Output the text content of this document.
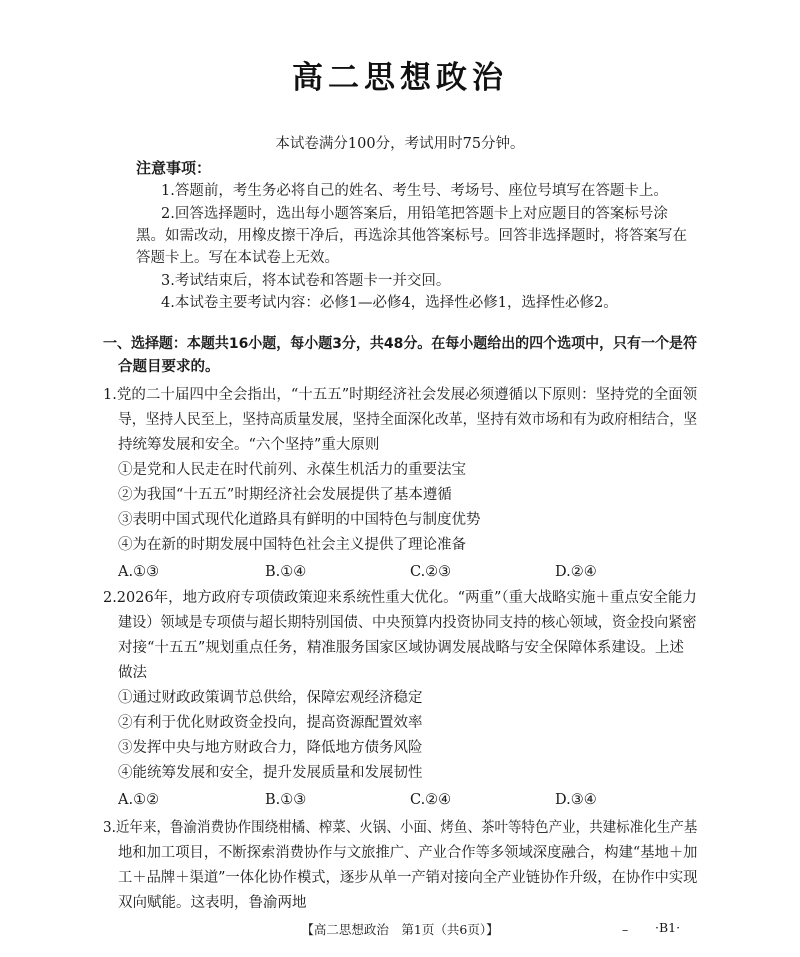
高二思想政治
本试卷满分100分，考试用时75分钟。
注意事项：
1.答题前，考生务必将自己的姓名、考生号、考场号、座位号填写在答题卡上。
2.回答选择题时，选出每小题答案后，用铅笔把答题卡上对应题目的答案标号涂
黑。如需改动，用橡皮擦干净后，再选涂其他答案标号。回答非选择题时，将答案写在
答题卡上。写在本试卷上无效。
3.考试结束后，将本试卷和答题卡一并交回。
4.本试卷主要考试内容：必修1—必修4，选择性必修1，选择性必修2。
一、选择题：本题共16小题，每小题3分，共48分。在每小题给出的四个选项中，只有一个是符
合题目要求的。
1.党的二十届四中全会指出，“十五五”时期经济社会发展必须遵循以下原则：坚持党的全面领
导，坚持人民至上，坚持高质量发展，坚持全面深化改革，坚持有效市场和有为政府相结合，坚
持统筹发展和安全。“六个坚持”重大原则
①是党和人民走在时代前列、永葆生机活力的重要法宝
②为我国“十五五”时期经济社会发展提供了基本遵循
③表明中国式现代化道路具有鲜明的中国特色与制度优势
④为在新的时期发展中国特色社会主义提供了理论准备
A.①③	B.①④	C.②③	D.②④
2.2026年，地方政府专项债政策迎来系统性重大优化。“两重”（重大战略实施＋重点安全能力
建设）领域是专项债与超长期特别国债、中央预算内投资协同支持的核心领域，资金投向紧密
对接“十五五”规划重点任务，精准服务国家区域协调发展战略与安全保障体系建设。上述
做法
①通过财政政策调节总供给，保障宏观经济稳定
②有利于优化财政资金投向，提高资源配置效率
③发挥中央与地方财政合力，降低地方债务风险
④能统筹发展和安全，提升发展质量和发展韧性
A.①②	B.①③	C.②④	D.③④
3.近年来，鲁渝消费协作围绕柑橘、榨菜、火锅、小面、烤鱼、茶叶等特色产业，共建标准化生产基
地和加工项目，不断探索消费协作与文旅推广、产业合作等多领域深度融合，构建“基地＋加
工＋品牌＋渠道”一体化协作模式，逐步从单一产销对接向全产业链协作升级，在协作中实现
双向赋能。这表明，鲁渝两地
【高二思想政治　第1页（共6页）】	– ·B1·
